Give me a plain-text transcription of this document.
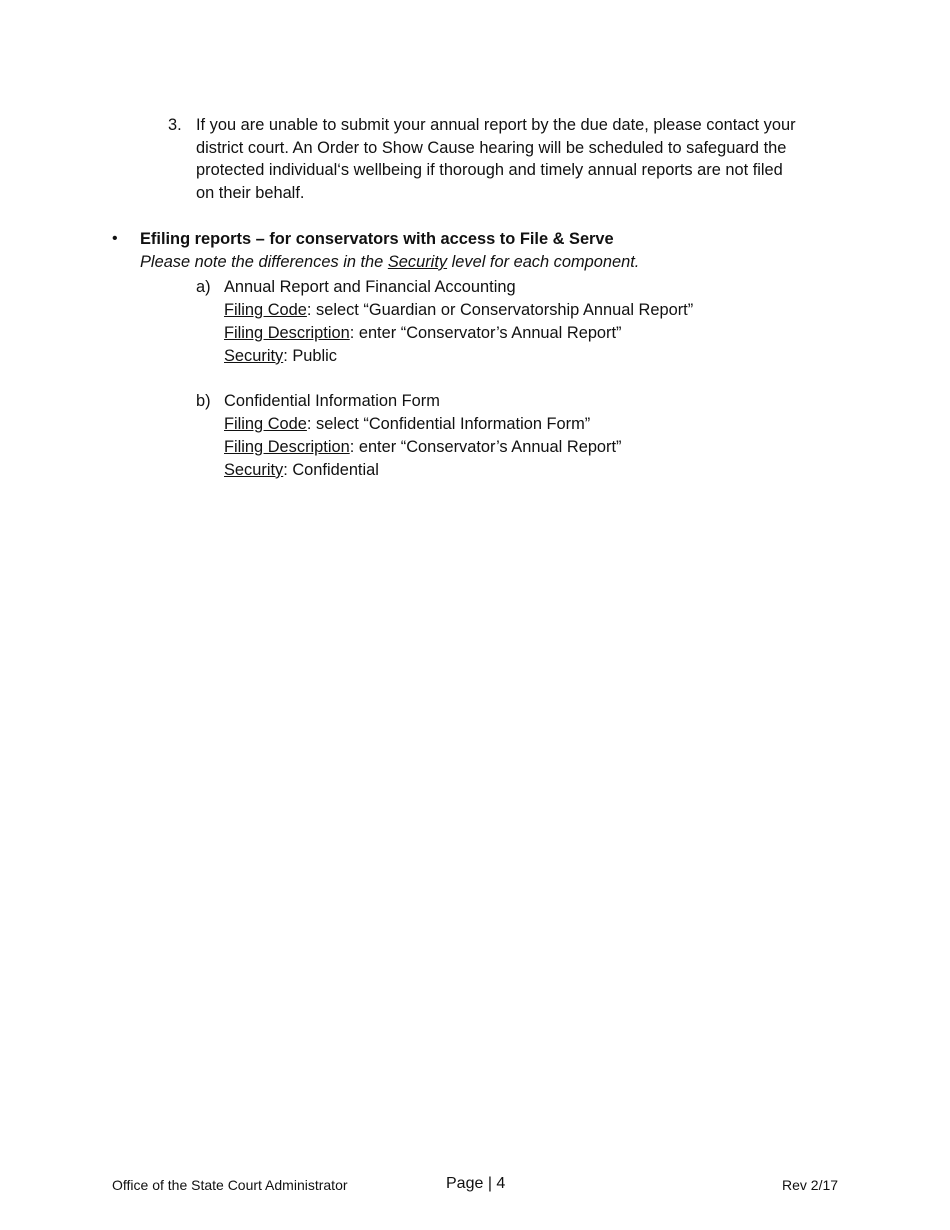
3. If you are unable to submit your annual report by the due date, please contact your
district court. An Order to Show Cause hearing will be scheduled to safeguard the
protected individual‘s wellbeing if thorough and timely annual reports are not filed
on their behalf.
• Efiling reports – for conservators with access to File & Serve
Please note the differences in the Security level for each component.
a) Annual Report and Financial Accounting
Filing Code: select “Guardian or Conservatorship Annual Report”
Filing Description: enter “Conservator’s Annual Report”
Security: Public
b) Confidential Information Form
Filing Code: select “Confidential Information Form”
Filing Description: enter “Conservator’s Annual Report”
Security: Confidential
Office of the State Court Administrator	Page | 4	Rev 2/17
